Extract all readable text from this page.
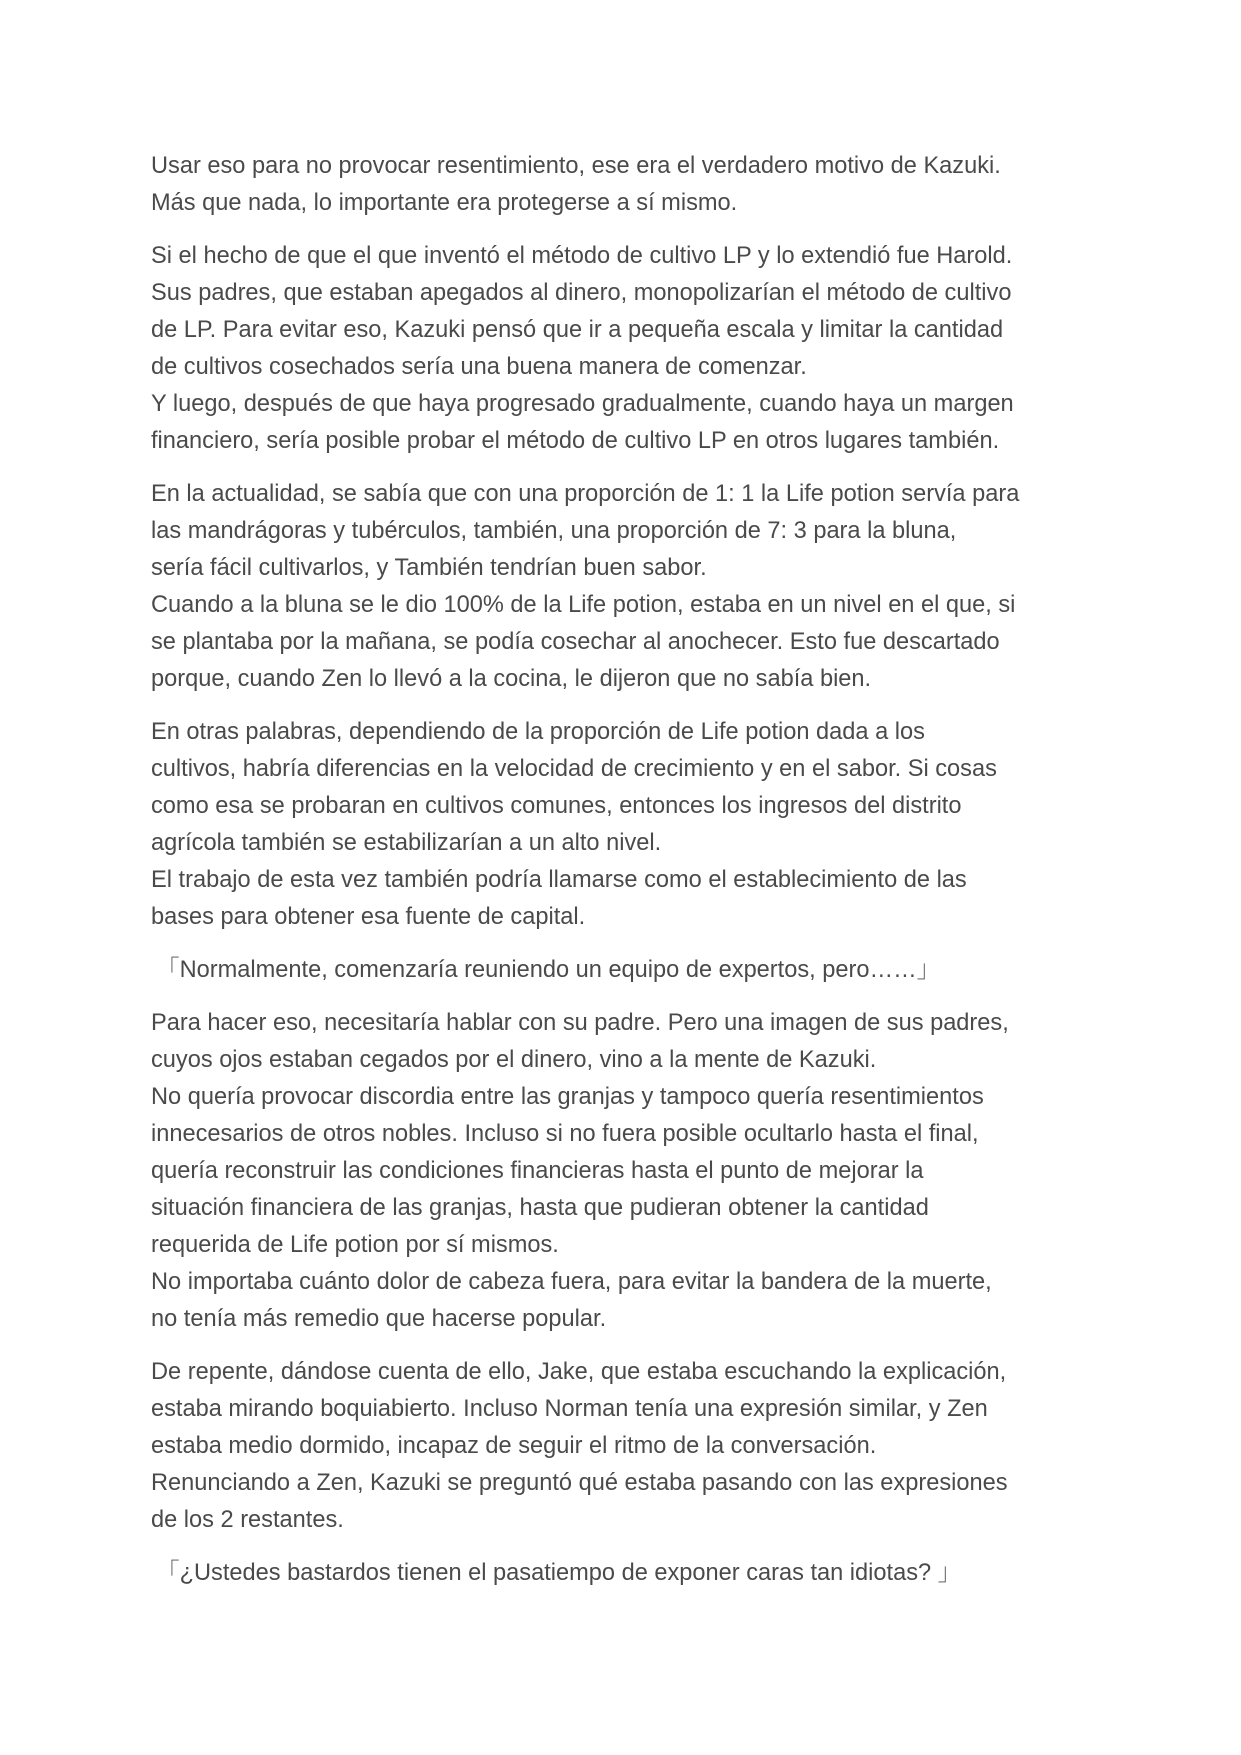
Usar eso para no provocar resentimiento, ese era el verdadero motivo de Kazuki.
Más que nada, lo importante era protegerse a sí mismo.
Si el hecho de que el que inventó el método de cultivo LP y lo extendió fue Harold.
Sus padres, que estaban apegados al dinero, monopolizarían el método de cultivo
de LP. Para evitar eso, Kazuki pensó que ir a pequeña escala y limitar la cantidad
de cultivos cosechados sería una buena manera de comenzar.
Y luego, después de que haya progresado gradualmente, cuando haya un margen
financiero, sería posible probar el método de cultivo LP en otros lugares también.
En la actualidad, se sabía que con una proporción de 1: 1 la Life potion servía para
las mandrágoras y tubérculos, también, una proporción de 7: 3 para la bluna,
sería fácil cultivarlos, y También tendrían buen sabor.
Cuando a la bluna se le dio 100% de la Life potion, estaba en un nivel en el que, si
se plantaba por la mañana, se podía cosechar al anochecer. Esto fue descartado
porque, cuando Zen lo llevó a la cocina, le dijeron que no sabía bien.
En otras palabras, dependiendo de la proporción de Life potion dada a los
cultivos, habría diferencias en la velocidad de crecimiento y en el sabor. Si cosas
como esa se probaran en cultivos comunes, entonces los ingresos del distrito
agrícola también se estabilizarían a un alto nivel.
El trabajo de esta vez también podría llamarse como el establecimiento de las
bases para obtener esa fuente de capital.
「Normalmente, comenzaría reuniendo un equipo de expertos, pero……」
Para hacer eso, necesitaría hablar con su padre. Pero una imagen de sus padres,
cuyos ojos estaban cegados por el dinero, vino a la mente de Kazuki.
No quería provocar discordia entre las granjas y tampoco quería resentimientos
innecesarios de otros nobles. Incluso si no fuera posible ocultarlo hasta el final,
quería reconstruir las condiciones financieras hasta el punto de mejorar la
situación financiera de las granjas, hasta que pudieran obtener la cantidad
requerida de Life potion por sí mismos.
No importaba cuánto dolor de cabeza fuera, para evitar la bandera de la muerte,
no tenía más remedio que hacerse popular.
De repente, dándose cuenta de ello, Jake, que estaba escuchando la explicación,
estaba mirando boquiabierto. Incluso Norman tenía una expresión similar, y Zen
estaba medio dormido, incapaz de seguir el ritmo de la conversación.
Renunciando a Zen, Kazuki se preguntó qué estaba pasando con las expresiones
de los 2 restantes.
「¿Ustedes bastardos tienen el pasatiempo de exponer caras tan idiotas? 」
